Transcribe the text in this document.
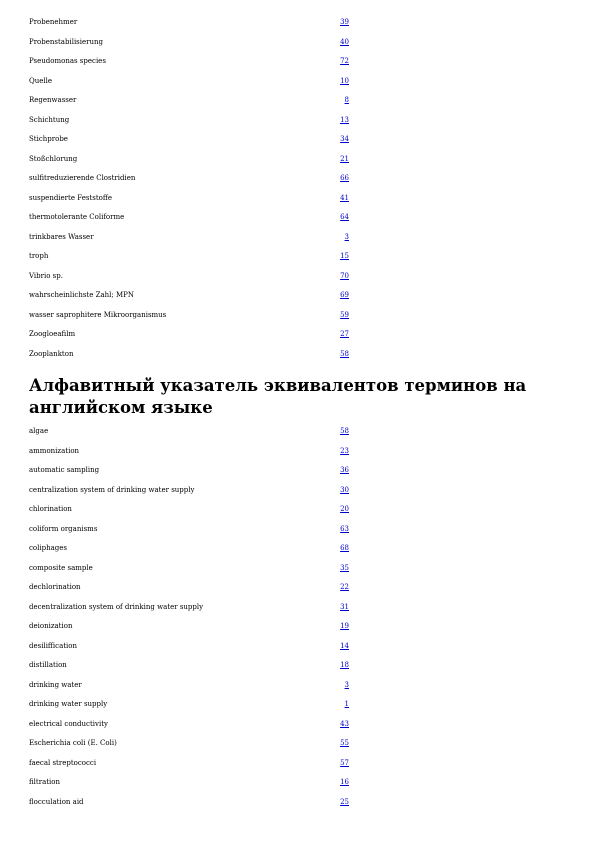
Probenehmer	39
Probenstabilisierung	40
Pseudomonas species	72
Quelle	10
Regenwasser	8
Schichtung	13
Stichprobe	34
Stoßchlorung	21
sulfitreduzierende Clostridien	66
suspendierte Feststoffe	41
thermotolerante Coliforme	64
trinkbares Wasser	3
troph	15
Vibrio sp.	70
wahrscheinlichste Zahl; MPN	69
wasser saprophitere Mikroorganismus	59
Zoogloeafilm	27
Zooplankton	58
Алфавитный указатель эквивалентов терминов на английском языке
algae	58
ammonization	23
automatic sampling	36
centralization system of drinking water supply	30
chlorination	20
coliform organisms	63
coliphages	68
composite sample	35
dechlorination	22
decentralization system of drinking water supply	31
deionization	19
desiliffication	14
distillation	18
drinking water	3
drinking water supply	1
electrical conductivity	43
Escherichia coli (E. Coli)	55
faecal streptococci	57
filtration	16
flocculation aid	25
